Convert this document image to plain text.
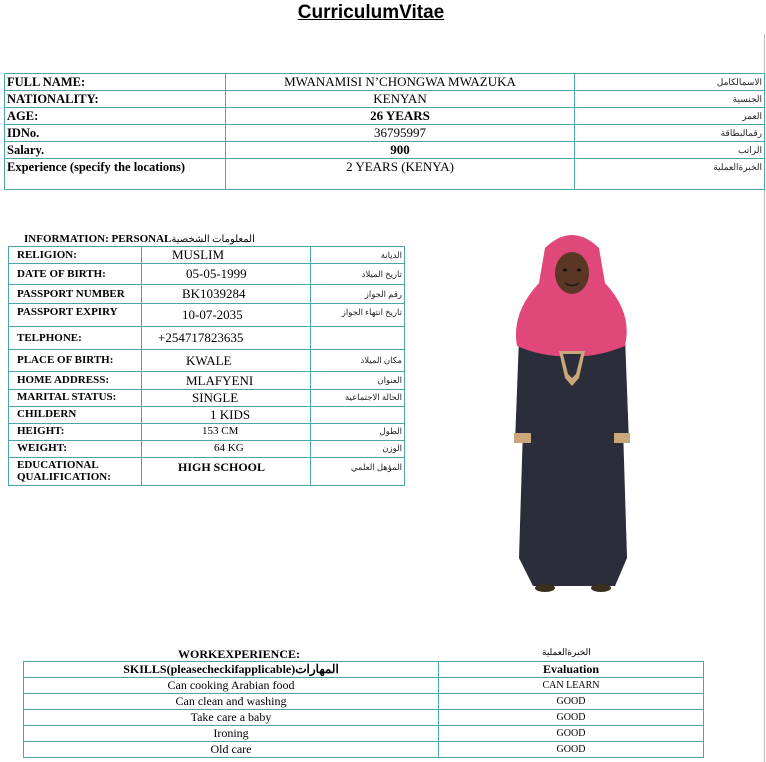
CurriculumVitae
FULL NAME:	MWANAMISI N’CHONGWA MWAZUKA	الاسمالكامل
NATIONALITY:	KENYAN	الجنسية
AGE:	26 YEARS	العمر
IDNo.	36795997	رقمالبطاقة
Salary.	900	الراتب
Experience (specify the locations)	2 YEARS (KENYA)	الخبرةالعملية
INFORMATION: PERSONALالمعلومات الشخصية
RELIGION:	MUSLIM	الديانة
DATE OF BIRTH:	05-05-1999	تاريخ الميلاد
PASSPORT NUMBER	BK1039284	رقم الجواز
PASSPORT EXPIRY	10-07-2035	تاريخ انتهاء الجواز
TELPHONE:	+254717823635	
PLACE OF BIRTH:	KWALE	مكان الميلاد
HOME ADDRESS:	MLAFYENI	العنوان
MARITAL STATUS:	SINGLE	الحالة الاجتماعية
CHILDERN	1 KIDS	
HEIGHT:	153 CM	الطول
WEIGHT:	64 KG	الوزن
EDUCATIONAL QUALIFICATION:	HIGH SCHOOL	المؤهل العلمي
WORKEXPERIENCE:	الخبرةالعملية
SKILLS(pleasecheckifapplicable)المهارات	Evaluation
Can cooking Arabian food	CAN LEARN
Can clean and washing	GOOD
Take care a baby	GOOD
Ironing	GOOD
Old care	GOOD
